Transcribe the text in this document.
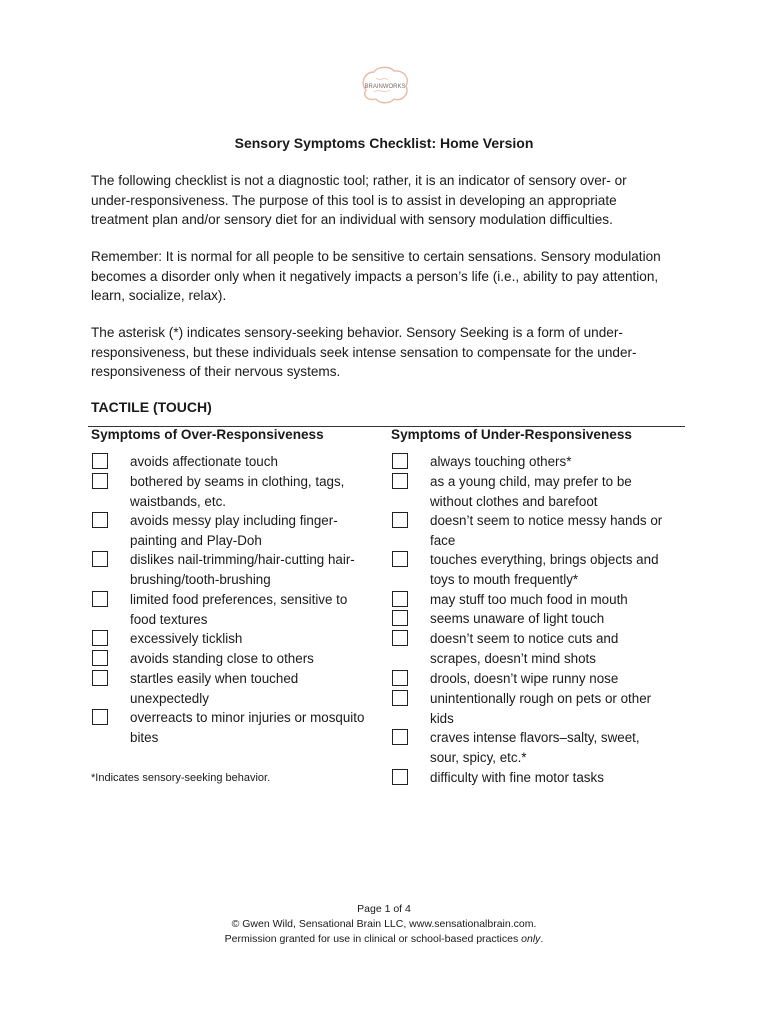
BRAINWORKS
Sensory Symptoms Checklist: Home Version
The following checklist is not a diagnostic tool; rather, it is an indicator of sensory over- or
under-responsiveness. The purpose of this tool is to assist in developing an appropriate
treatment plan and/or sensory diet for an individual with sensory modulation difficulties.
Remember: It is normal for all people to be sensitive to certain sensations. Sensory modulation
becomes a disorder only when it negatively impacts a person’s life (i.e., ability to pay attention,
learn, socialize, relax).
The asterisk (*) indicates sensory-seeking behavior. Sensory Seeking is a form of under-
responsiveness, but these individuals seek intense sensation to compensate for the under-
responsiveness of their nervous systems.
TACTILE (TOUCH)
Symptoms of Over-Responsiveness	Symptoms of Under-Responsiveness
avoids affectionate touch
bothered by seams in clothing, tags,
waistbands, etc.
avoids messy play including finger-
painting and Play-Doh
dislikes nail-trimming/hair-cutting hair-
brushing/tooth-brushing
limited food preferences, sensitive to
food textures
excessively ticklish
avoids standing close to others
startles easily when touched
unexpectedly
overreacts to minor injuries or mosquito
bites
always touching others*
as a young child, may prefer to be
without clothes and barefoot
doesn’t seem to notice messy hands or
face
touches everything, brings objects and
toys to mouth frequently*
may stuff too much food in mouth
seems unaware of light touch
doesn’t seem to notice cuts and
scrapes, doesn’t mind shots
drools, doesn’t wipe runny nose
unintentionally rough on pets or other
kids
craves intense flavors–salty, sweet,
sour, spicy, etc.*
difficulty with fine motor tasks
*Indicates sensory-seeking behavior.
Page 1 of 4
© Gwen Wild, Sensational Brain LLC, www.sensationalbrain.com.
Permission granted for use in clinical or school-based practices only.
